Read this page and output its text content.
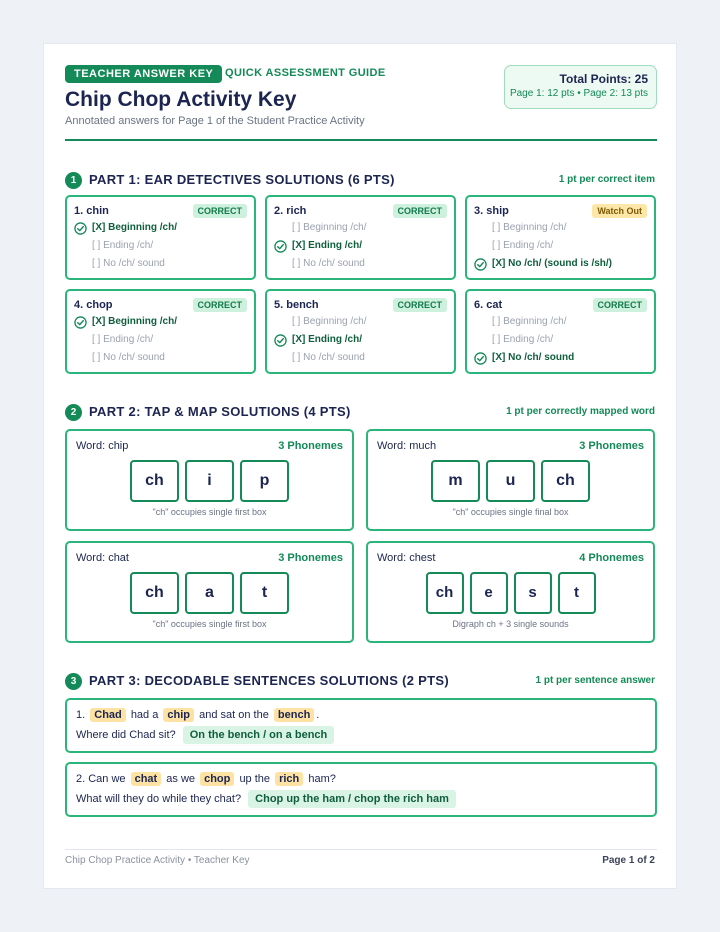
TEACHER ANSWER KEY	QUICK ASSESSMENT GUIDE
Chip Chop Activity Key
Annotated answers for Page 1 of the Student Practice Activity
Total Points: 25
Page 1: 12 pts • Page 2: 13 pts
1 PART 1: EAR DETECTIVES SOLUTIONS (6 PTS)	1 pt per correct item
1. chin	CORRECT
[X] Beginning /ch/
[ ] Ending /ch/
[ ] No /ch/ sound
2. rich	CORRECT
[ ] Beginning /ch/
[X] Ending /ch/
[ ] No /ch/ sound
3. ship	Watch Out
[ ] Beginning /ch/
[ ] Ending /ch/
[X] No /ch/ (sound is /sh/)
4. chop	CORRECT
[X] Beginning /ch/
[ ] Ending /ch/
[ ] No /ch/ sound
5. bench	CORRECT
[ ] Beginning /ch/
[X] Ending /ch/
[ ] No /ch/ sound
6. cat	CORRECT
[ ] Beginning /ch/
[ ] Ending /ch/
[X] No /ch/ sound
2 PART 2: TAP & MAP SOLUTIONS (4 PTS)	1 pt per correctly mapped word
Word: chip	3 Phonemes
ch	i	p
"ch" occupies single first box
Word: much	3 Phonemes
m	u	ch
"ch" occupies single final box
Word: chat	3 Phonemes
ch	a	t
"ch" occupies single first box
Word: chest	4 Phonemes
ch	e	s	t
Digraph ch + 3 single sounds
3 PART 3: DECODABLE SENTENCES SOLUTIONS (2 PTS)	1 pt per sentence answer
1. Chad had a chip and sat on the bench .
Where did Chad sit? On the bench / on a bench
2. Can we chat as we chop up the rich ham?
What will they do while they chat? Chop up the ham / chop the rich ham
Chip Chop Practice Activity • Teacher Key	Page 1 of 2
